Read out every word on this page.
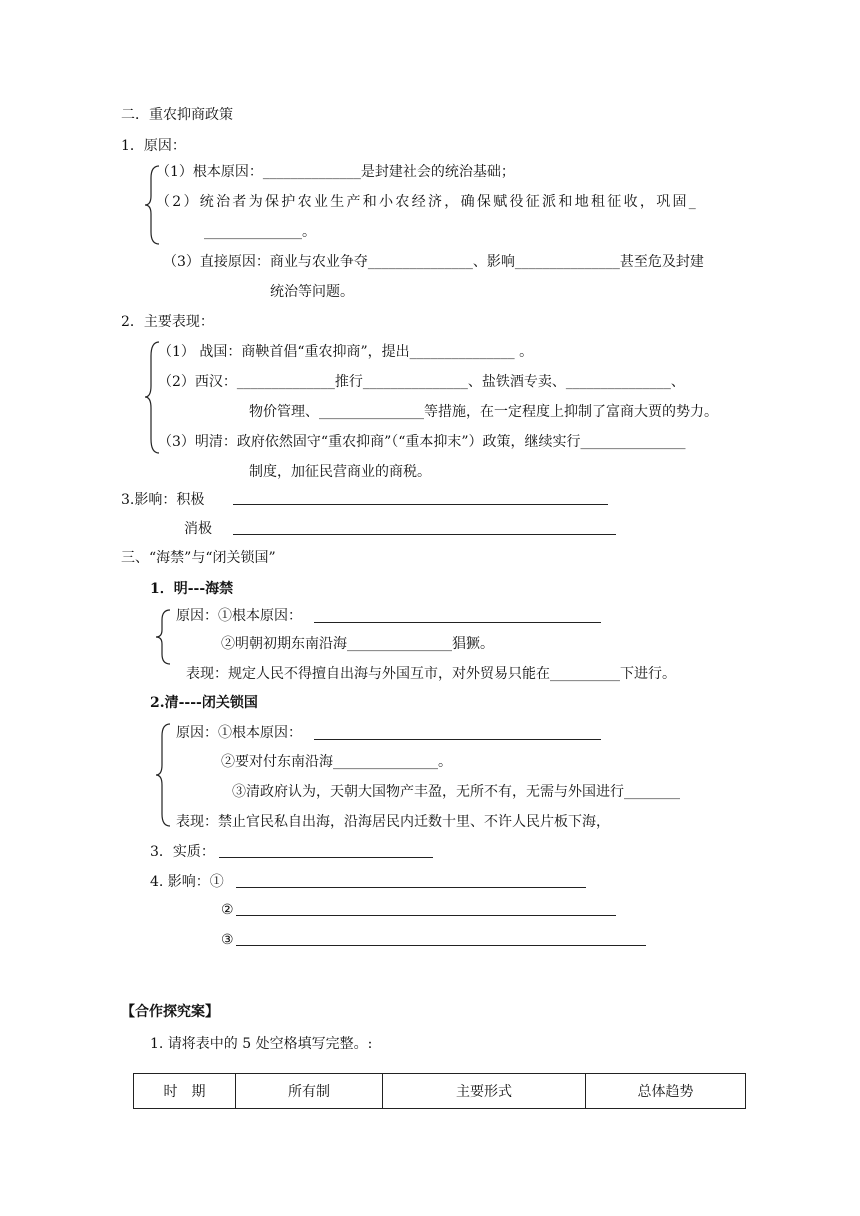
二．重农抑商政策
1．原因：
（1）根本原因：______________是封建社会的统治基础；
（2）统治者为保护农业生产和小农经济，确保赋役征派和地租征收，巩固_
______________。
（3）直接原因：商业与农业争夺_______________、影响_______________甚至危及封建
统治等问题。
2．主要表现：
（1） 战国：商鞅首倡“重农抑商”，提出_______________ 。
（2）西汉：______________推行_______________、盐铁酒专卖、_______________、
物价管理、_______________等措施，在一定程度上抑制了富商大贾的势力。
（3）明清：政府依然固守“重农抑商”（“重本抑末”）政策，继续实行_______________
制度，加征民营商业的商税。
3.影响：积极
消极
三、“海禁”与“闭关锁国”
1．明---海禁
原因：①根本原因：
②明朝初期东南沿海_______________猖獗。
表现：规定人民不得擅自出海与外国互市，对外贸易只能在__________下进行。
2.清----闭关锁国
原因：①根本原因：
②要对付东南沿海_______________。
③清政府认为，天朝大国物产丰盈，无所不有，无需与外国进行________
表现：禁止官民私自出海，沿海居民内迁数十里、不许人民片板下海，
3．实质：
4. 影响：①
②
③
【合作探究案】
1. 请将表中的 5 处空格填写完整。:
时　期	所有制	主要形式	总体趋势
